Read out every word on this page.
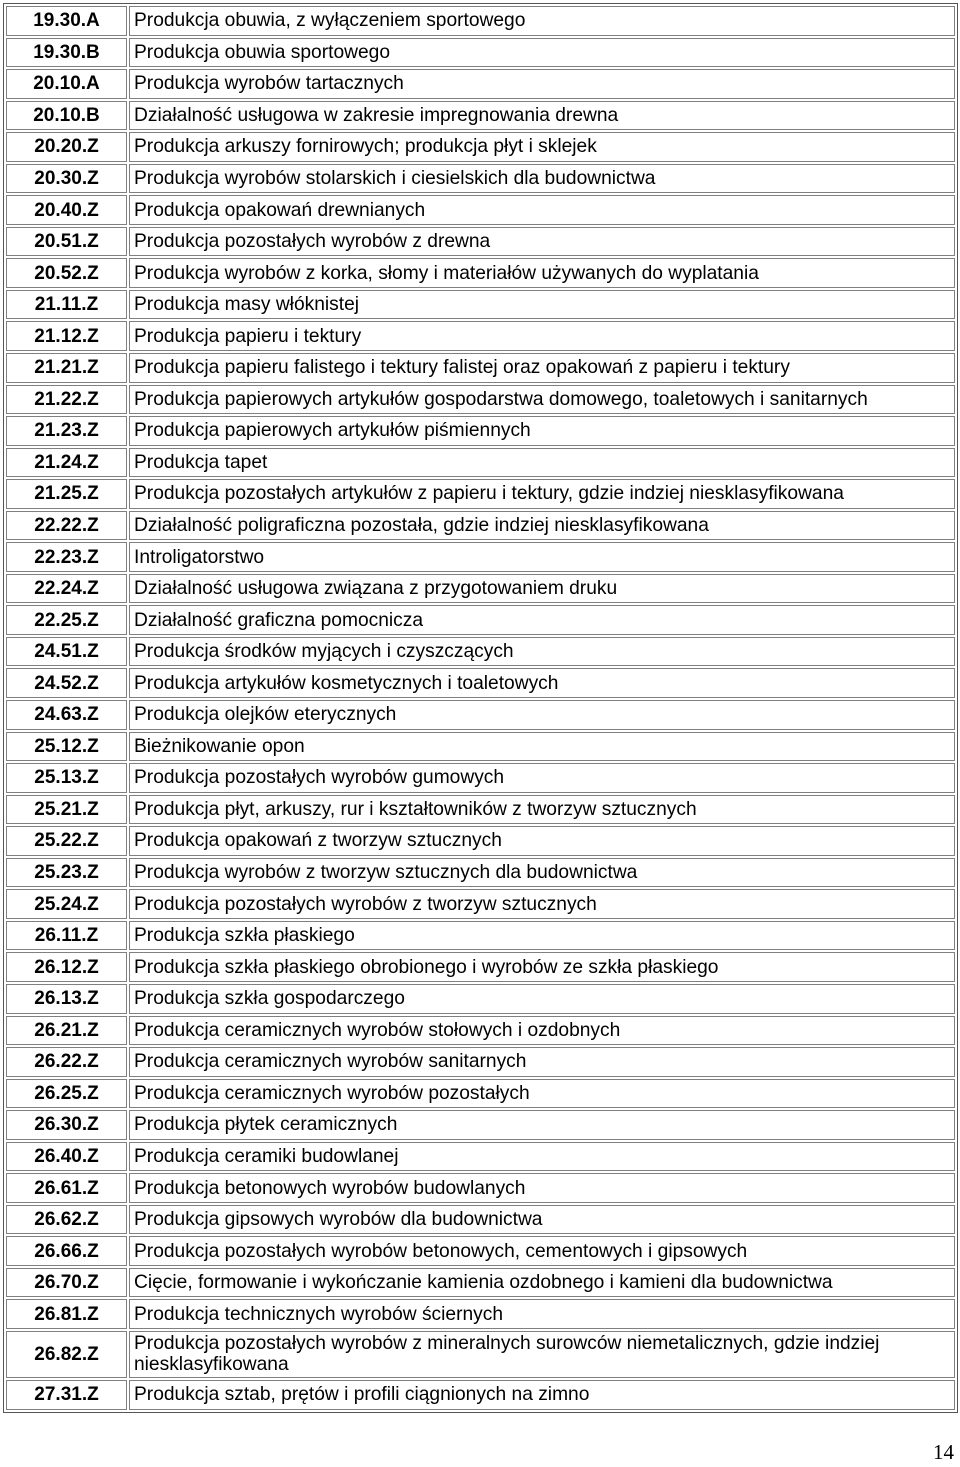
19.30.A	Produkcja obuwia, z wyłączeniem sportowego
19.30.B	Produkcja obuwia sportowego
20.10.A	Produkcja wyrobów tartacznych
20.10.B	Działalność usługowa w zakresie impregnowania drewna
20.20.Z	Produkcja arkuszy fornirowych; produkcja płyt i sklejek
20.30.Z	Produkcja wyrobów stolarskich i ciesielskich dla budownictwa
20.40.Z	Produkcja opakowań drewnianych
20.51.Z	Produkcja pozostałych wyrobów z drewna
20.52.Z	Produkcja wyrobów z korka, słomy i materiałów używanych do wyplatania
21.11.Z	Produkcja masy włóknistej
21.12.Z	Produkcja papieru i tektury
21.21.Z	Produkcja papieru falistego i tektury falistej oraz opakowań z papieru i tektury
21.22.Z	Produkcja papierowych artykułów gospodarstwa domowego, toaletowych i sanitarnych
21.23.Z	Produkcja papierowych artykułów piśmiennych
21.24.Z	Produkcja tapet
21.25.Z	Produkcja pozostałych artykułów z papieru i tektury, gdzie indziej niesklasyfikowana
22.22.Z	Działalność poligraficzna pozostała, gdzie indziej niesklasyfikowana
22.23.Z	Introligatorstwo
22.24.Z	Działalność usługowa związana z przygotowaniem druku
22.25.Z	Działalność graficzna pomocnicza
24.51.Z	Produkcja środków myjących i czyszczących
24.52.Z	Produkcja artykułów kosmetycznych i toaletowych
24.63.Z	Produkcja olejków eterycznych
25.12.Z	Bieżnikowanie opon
25.13.Z	Produkcja pozostałych wyrobów gumowych
25.21.Z	Produkcja płyt, arkuszy, rur i kształtowników z tworzyw sztucznych
25.22.Z	Produkcja opakowań z tworzyw sztucznych
25.23.Z	Produkcja wyrobów z tworzyw sztucznych dla budownictwa
25.24.Z	Produkcja pozostałych wyrobów z tworzyw sztucznych
26.11.Z	Produkcja szkła płaskiego
26.12.Z	Produkcja szkła płaskiego obrobionego i wyrobów ze szkła płaskiego
26.13.Z	Produkcja szkła gospodarczego
26.21.Z	Produkcja ceramicznych wyrobów stołowych i ozdobnych
26.22.Z	Produkcja ceramicznych wyrobów sanitarnych
26.25.Z	Produkcja ceramicznych wyrobów pozostałych
26.30.Z	Produkcja płytek ceramicznych
26.40.Z	Produkcja ceramiki budowlanej
26.61.Z	Produkcja betonowych wyrobów budowlanych
26.62.Z	Produkcja gipsowych wyrobów dla budownictwa
26.66.Z	Produkcja pozostałych wyrobów betonowych, cementowych i gipsowych
26.70.Z	Cięcie, formowanie i wykończanie kamienia ozdobnego i kamieni dla budownictwa
26.81.Z	Produkcja technicznych wyrobów ściernych
26.82.Z	Produkcja pozostałych wyrobów z mineralnych surowców niemetalicznych, gdzie indziej niesklasyfikowana
27.31.Z	Produkcja sztab, prętów i profili ciągnionych na zimno
14
